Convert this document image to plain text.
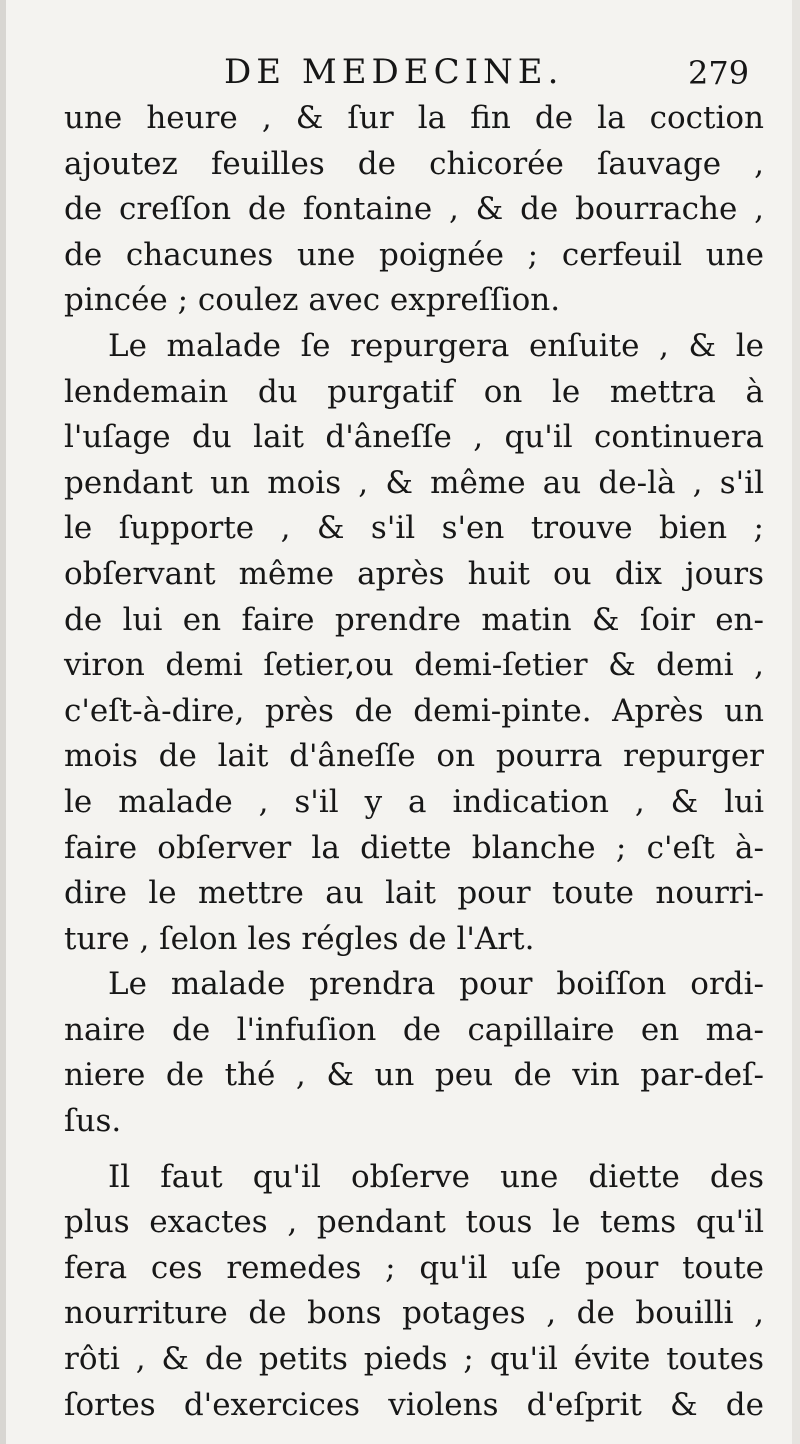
DE MEDECINE.	279
une heure , & ſur la fin de la coction
ajoutez feuilles de chicorée ſauvage ,
de creſſon de fontaine , & de bourrache ,
de chacunes une poignée ; cerfeuil une
pincée ; coulez avec expreſſion.
Le malade ſe repurgera enſuite , & le
lendemain du purgatif on le mettra à
l'uſage du lait d'âneſſe , qu'il continuera
pendant un mois , & même au de-là , s'il
le ſupporte , & s'il s'en trouve bien ;
obſervant même après huit ou dix jours
de lui en faire prendre matin & ſoir en-
viron demi ſetier,ou demi-ſetier & demi ,
c'eſt-à-dire, près de demi-pinte. Après un
mois de lait d'âneſſe on pourra repurger
le malade , s'il y a indication , & lui
faire obſerver la diette blanche ; c'eſt à-
dire le mettre au lait pour toute nourri-
ture , ſelon les régles de l'Art.
Le malade prendra pour boiſſon ordi-
naire de l'infuſion de capillaire en ma-
niere de thé , & un peu de vin par-deſ-
ſus.
Il faut qu'il obſerve une diette des
plus exactes , pendant tous le tems qu'il
fera ces remedes ; qu'il uſe pour toute
nourriture de bons potages , de bouilli ,
rôti , & de petits pieds ; qu'il évite toutes
ſortes d'exercices violens d'eſprit & de
